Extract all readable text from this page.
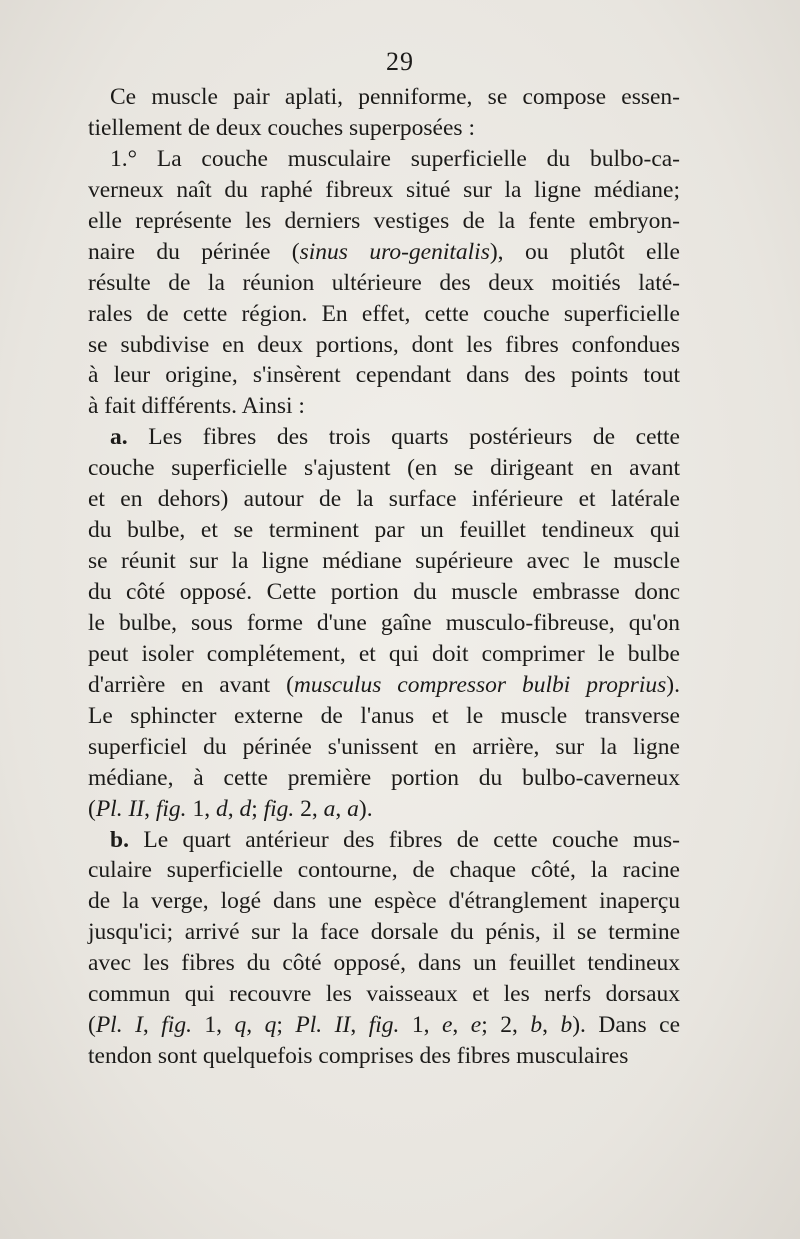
29
Ce muscle pair aplati, penniforme, se compose essen-
tiellement de deux couches superposées :
1.° La couche musculaire superficielle du bulbo-ca-
verneux naît du raphé fibreux situé sur la ligne médiane;
elle représente les derniers vestiges de la fente embryon-
naire du périnée (sinus uro-genitalis), ou plutôt elle
résulte de la réunion ultérieure des deux moitiés laté-
rales de cette région. En effet, cette couche superficielle
se subdivise en deux portions, dont les fibres confondues
à leur origine, s'insèrent cependant dans des points tout
à fait différents. Ainsi :
a. Les fibres des trois quarts postérieurs de cette
couche superficielle s'ajustent (en se dirigeant en avant
et en dehors) autour de la surface inférieure et latérale
du bulbe, et se terminent par un feuillet tendineux qui
se réunit sur la ligne médiane supérieure avec le muscle
du côté opposé. Cette portion du muscle embrasse donc
le bulbe, sous forme d'une gaîne musculo-fibreuse, qu'on
peut isoler complétement, et qui doit comprimer le bulbe
d'arrière en avant (musculus compressor bulbi proprius).
Le sphincter externe de l'anus et le muscle transverse
superficiel du périnée s'unissent en arrière, sur la ligne
médiane, à cette première portion du bulbo-caverneux
(Pl. II, fig. 1, d, d; fig. 2, a, a).
b. Le quart antérieur des fibres de cette couche mus-
culaire superficielle contourne, de chaque côté, la racine
de la verge, logé dans une espèce d'étranglement inaperçu
jusqu'ici; arrivé sur la face dorsale du pénis, il se termine
avec les fibres du côté opposé, dans un feuillet tendineux
commun qui recouvre les vaisseaux et les nerfs dorsaux
(Pl. I, fig. 1, q, q; Pl. II, fig. 1, e, e; 2, b, b). Dans ce
tendon sont quelquefois comprises des fibres musculaires
